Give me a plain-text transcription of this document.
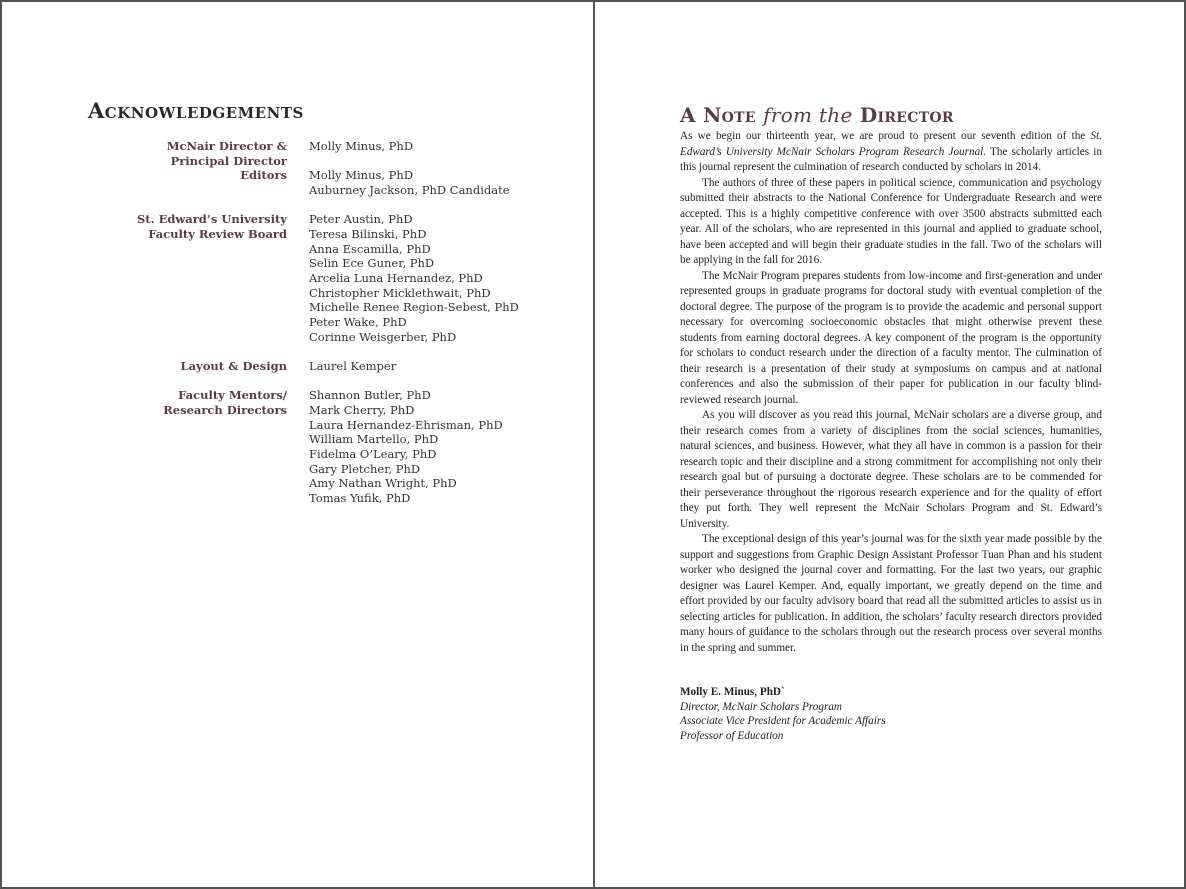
Acknowledgements
McNair Director &
Principal Director
Molly Minus, PhD
Editors Molly Minus, PhD
Auburney Jackson, PhD Candidate
St. Edward’s University
Faculty Review Board
Peter Austin, PhD
Teresa Bilinski, PhD
Anna Escamilla, PhD
Selin Ece Guner, PhD
Arcelia Luna Hernandez, PhD
Christopher Micklethwait, PhD
Michelle Renee Region-Sebest, PhD
Peter Wake, PhD
Corinne Weisgerber, PhD
Layout & Design Laurel Kemper
Faculty Mentors/
Research Directors
Shannon Butler, PhD
Mark Cherry, PhD
Laura Hernandez-Ehrisman, PhD
William Martello, PhD
Fidelma O’Leary, PhD
Gary Pletcher, PhD
Amy Nathan Wright, PhD
Tomas Yufik, PhD
A Note from the Director

As we begin our thirteenth year, we are proud to present our seventh edition of the St. Edward’s University McNair Scholars Program Research Journal. The scholarly articles in this journal represent the culmination of research conducted by scholars in 2014.

The authors of three of these papers in political science, communication and psychology submitted their abstracts to the National Conference for Undergraduate Research and were accepted. This is a highly competitive conference with over 3500 abstracts submitted each year. All of the scholars, who are represented in this journal and applied to graduate school, have been accepted and will begin their graduate studies in the fall. Two of the scholars will be applying in the fall for 2016.

The McNair Program prepares students from low-income and first-generation and under represented groups in graduate programs for doctoral study with eventual completion of the doctoral degree. The purpose of the program is to provide the academic and personal support necessary for overcoming socioeconomic obstacles that might otherwise prevent these students from earning doctoral degrees. A key component of the program is the opportunity for scholars to conduct research under the direction of a faculty mentor. The culmination of their research is a presentation of their study at symposiums on campus and at national conferences and also the submission of their paper for publication in our faculty blind-reviewed research journal.

As you will discover as you read this journal, McNair scholars are a diverse group, and their research comes from a variety of disciplines from the social sciences, humanities, natural sciences, and business. However, what they all have in common is a passion for their research topic and their discipline and a strong commitment for accomplishing not only their research goal but of pursuing a doctorate degree. These scholars are to be commended for their perseverance throughout the rigorous research experience and for the quality of effort they put forth. They well represent the McNair Scholars Program and St. Edward’s University.

The exceptional design of this year’s journal was for the sixth year made possible by the support and suggestions from Graphic Design Assistant Professor Tuan Phan and his student worker who designed the journal cover and formatting. For the last two years, our graphic designer was Laurel Kemper. And, equally important, we greatly depend on the time and effort provided by our faculty advisory board that read all the submitted articles to assist us in selecting articles for publication. In addition, the scholars’ faculty research directors provided many hours of guidance to the scholars through out the research process over several months in the spring and summer.

Molly E. Minus, PhD`
Director, McNair Scholars Program
Associate Vice President for Academic Affairs
Professor of Education
